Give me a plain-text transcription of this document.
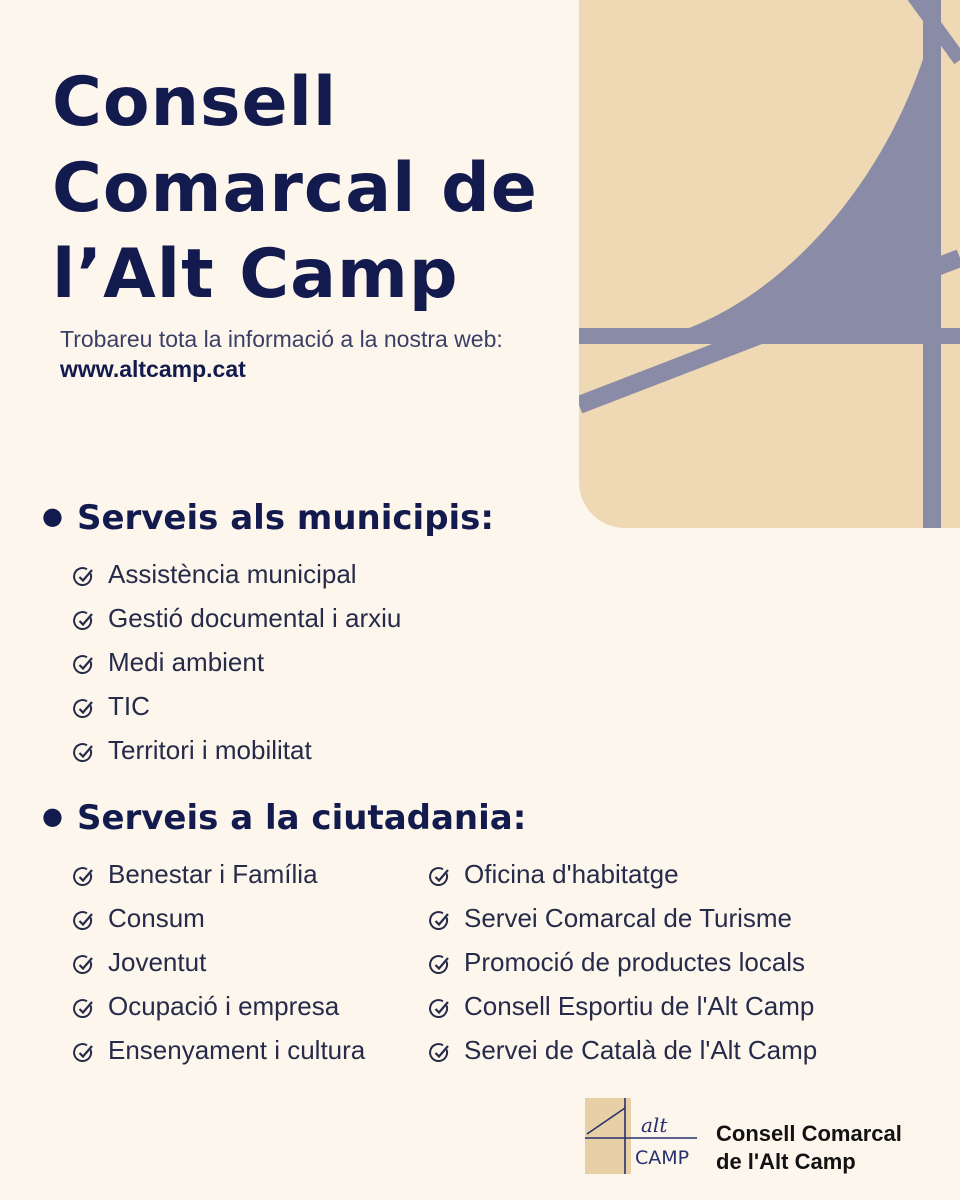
Consell
Comarcal de
l’Alt Camp
Trobareu tota la informació a la nostra web:
www.altcamp.cat
● Serveis als municipis:
Assistència municipal
Gestió documental i arxiu
Medi ambient
TIC
Territori i mobilitat
● Serveis a la ciutadania:
Benestar i Família
Consum
Joventut
Ocupació i empresa
Ensenyament i cultura
Oficina d'habitatge
Servei Comarcal de Turisme
Promoció de productes locals
Consell Esportiu de l'Alt Camp
Servei de Català de l'Alt Camp
alt
CAMP
Consell Comarcal
de l'Alt Camp
